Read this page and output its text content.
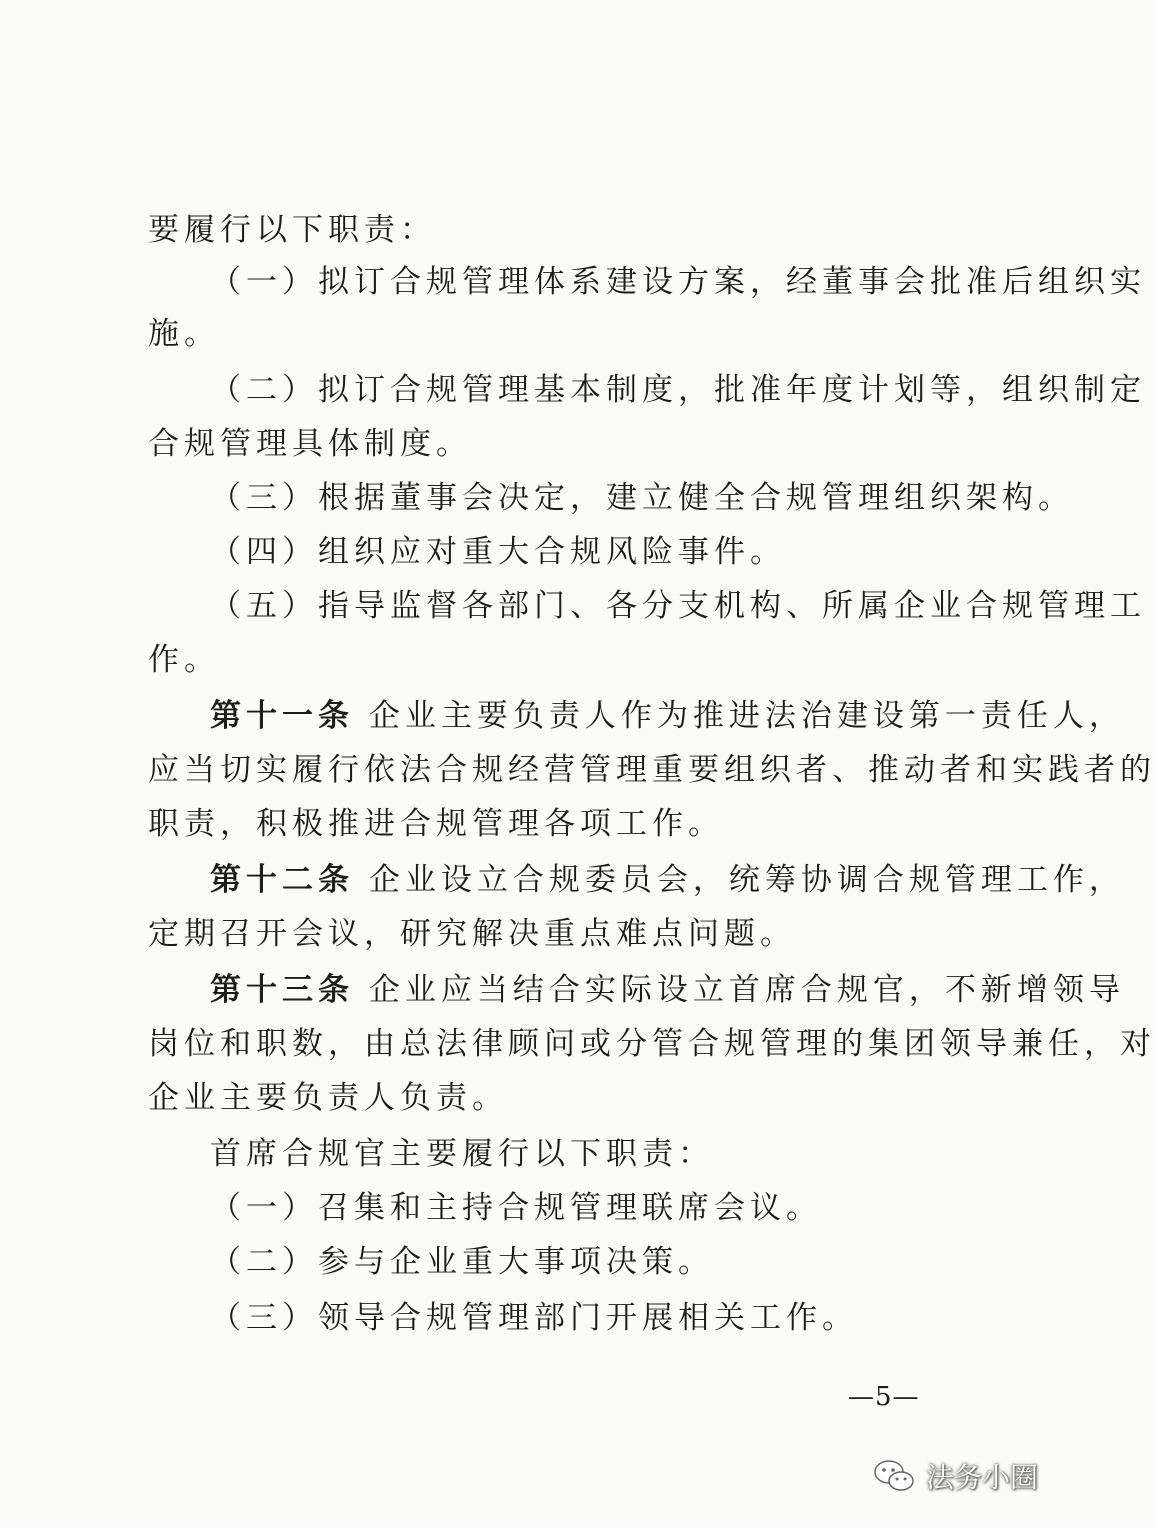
要履行以下职责：
（一）拟订合规管理体系建设方案，经董事会批准后组织实
施。
（二）拟订合规管理基本制度，批准年度计划等，组织制定
合规管理具体制度。
（三）根据董事会决定，建立健全合规管理组织架构。
（四）组织应对重大合规风险事件。
（五）指导监督各部门、各分支机构、所属企业合规管理工
作。
第十一条 企业主要负责人作为推进法治建设第一责任人，
应当切实履行依法合规经营管理重要组织者、推动者和实践者的
职责，积极推进合规管理各项工作。
第十二条 企业设立合规委员会，统筹协调合规管理工作，
定期召开会议，研究解决重点难点问题。
第十三条 企业应当结合实际设立首席合规官，不新增领导
岗位和职数，由总法律顾问或分管合规管理的集团领导兼任，对
企业主要负责人负责。
首席合规官主要履行以下职责：
（一）召集和主持合规管理联席会议。
（二）参与企业重大事项决策。
（三）领导合规管理部门开展相关工作。
—5—
法务小圈
